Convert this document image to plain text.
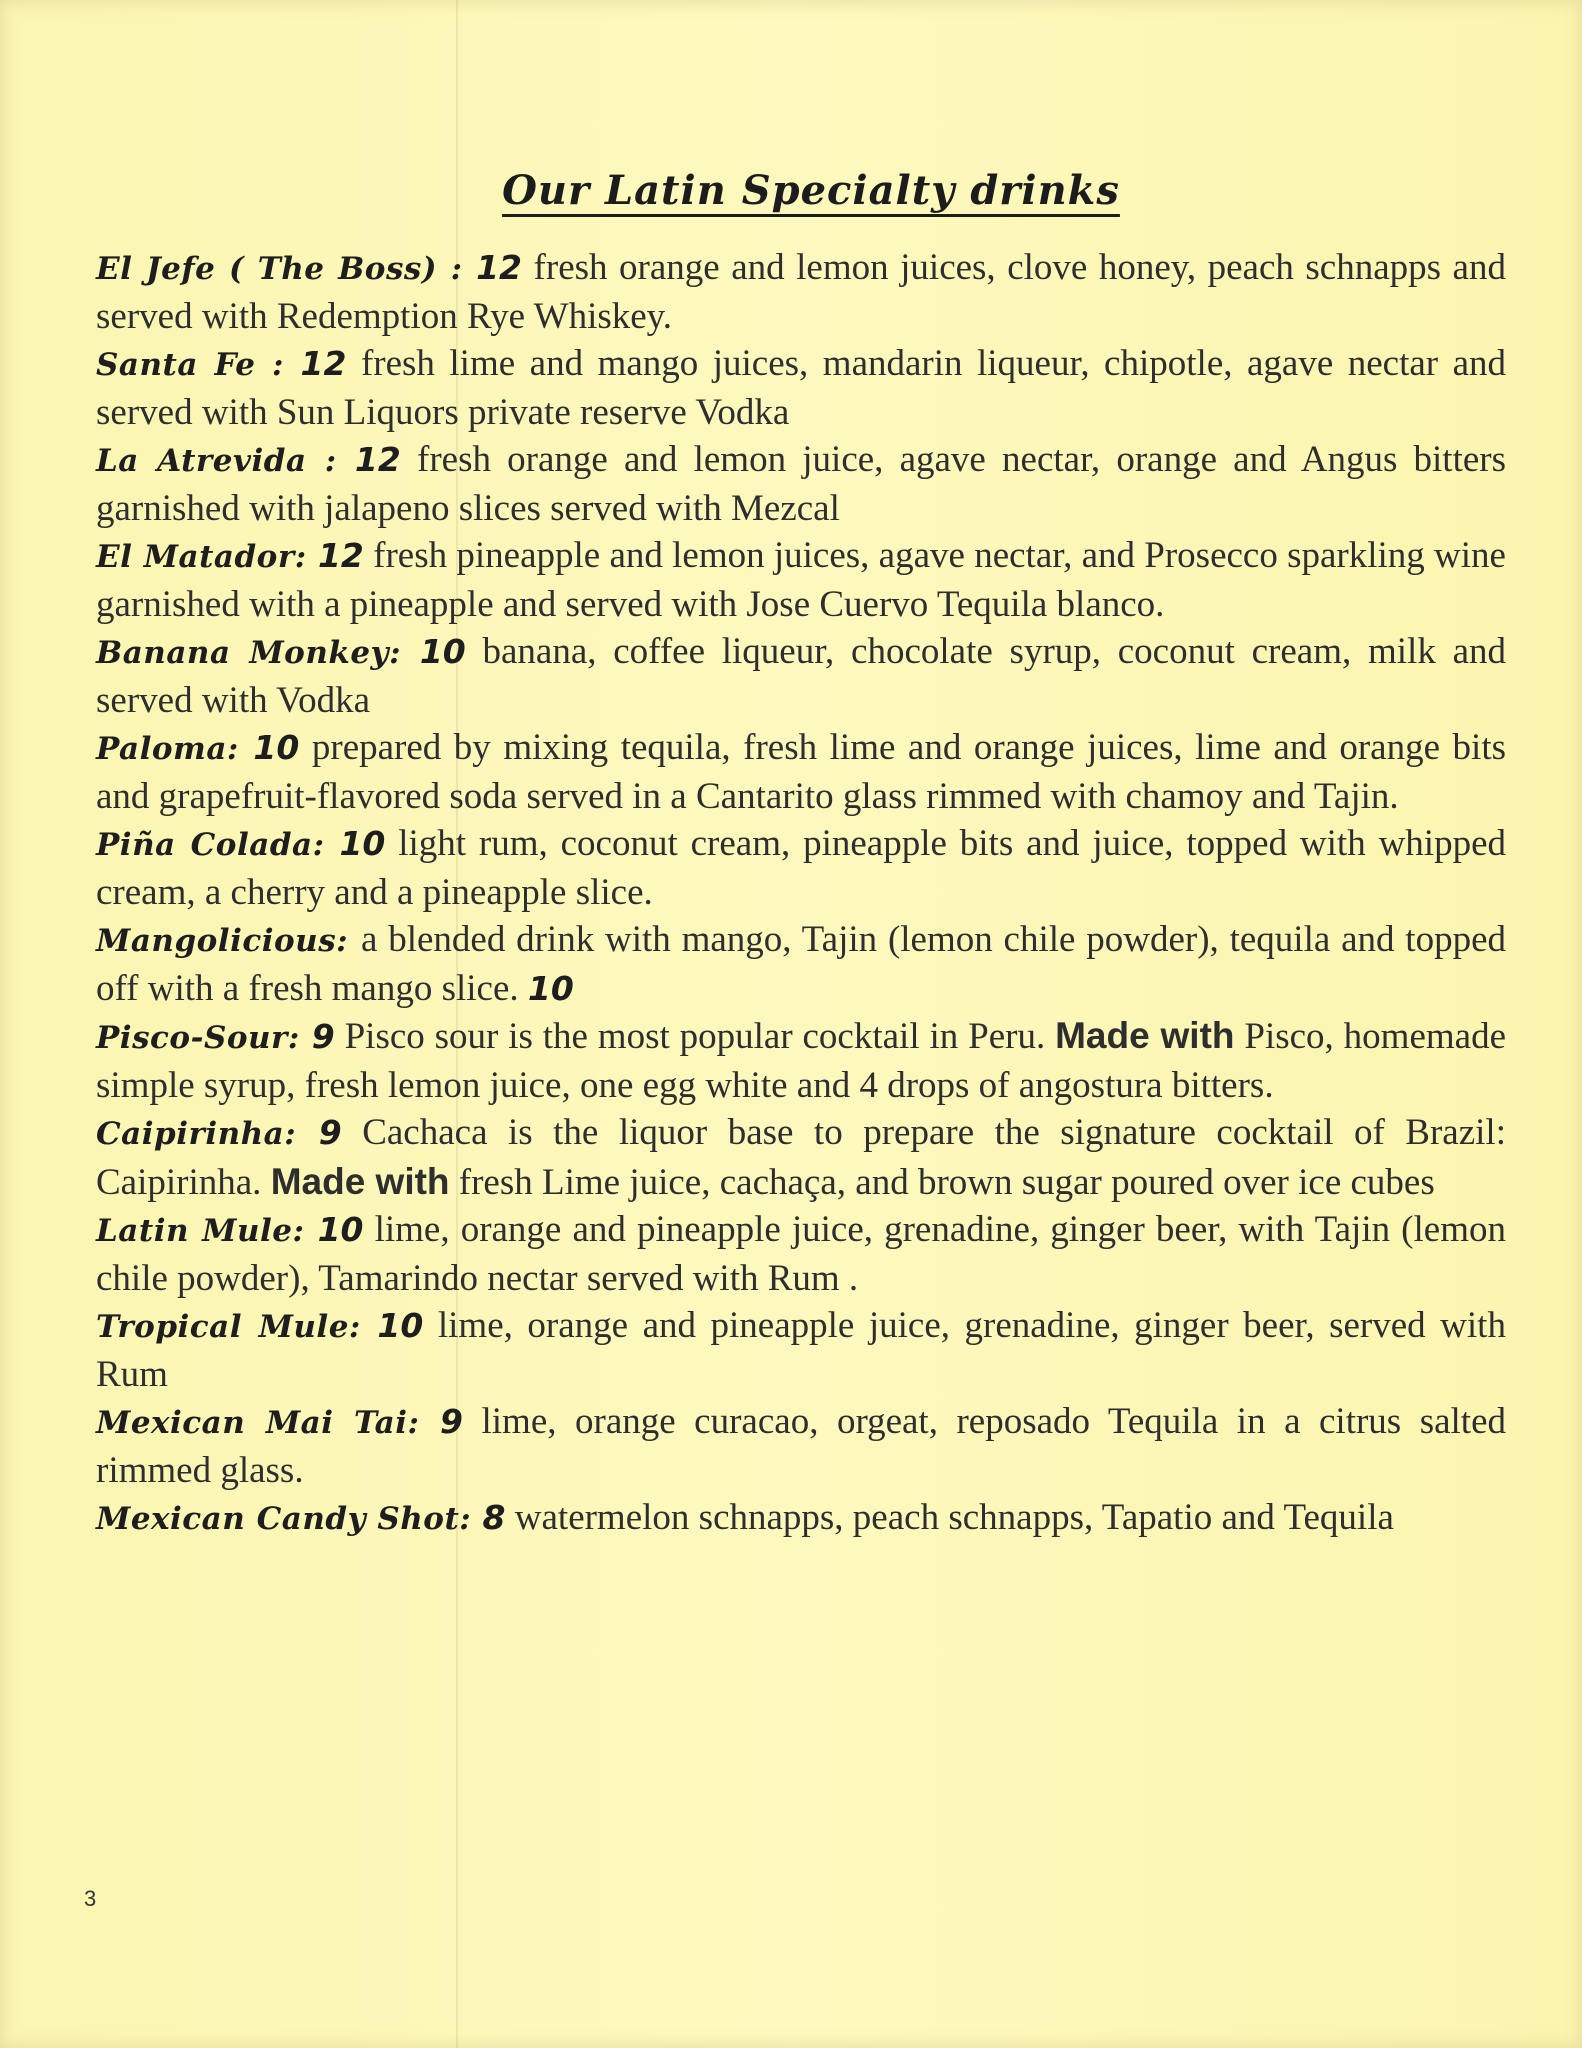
Our Latin Specialty drinks

El Jefe ( The Boss) : 12 fresh orange and lemon juices, clove honey, peach schnapps and served with Redemption Rye Whiskey.

Santa Fe : 12 fresh lime and mango juices, mandarin liqueur, chipotle, agave nectar and served with Sun Liquors private reserve Vodka

La Atrevida : 12 fresh orange and lemon juice, agave nectar, orange and Angus bitters garnished with jalapeno slices served with Mezcal

El Matador: 12 fresh pineapple and lemon juices, agave nectar, and Prosecco sparkling wine garnished with a pineapple and served with Jose Cuervo Tequila blanco.

Banana Monkey: 10 banana, coffee liqueur, chocolate syrup, coconut cream, milk and served with Vodka

Paloma: 10 prepared by mixing tequila, fresh lime and orange juices, lime and orange bits and grapefruit-flavored soda served in a Cantarito glass rimmed with chamoy and Tajin.

Piña Colada: 10 light rum, coconut cream, pineapple bits and juice, topped with whipped cream, a cherry and a pineapple slice.

Mangolicious: a blended drink with mango, Tajin (lemon chile powder), tequila and topped off with a fresh mango slice. 10

Pisco-Sour: 9 Pisco sour is the most popular cocktail in Peru. Made with Pisco, homemade simple syrup, fresh lemon juice, one egg white and 4 drops of angostura bitters.

Caipirinha: 9 Cachaca is the liquor base to prepare the signature cocktail of Brazil: Caipirinha. Made with fresh Lime juice, cachaça, and brown sugar poured over ice cubes

Latin Mule: 10 lime, orange and pineapple juice, grenadine, ginger beer, with Tajin (lemon chile powder), Tamarindo nectar served with Rum .

Tropical Mule: 10 lime, orange and pineapple juice, grenadine, ginger beer, served with Rum

Mexican Mai Tai: 9 lime, orange curacao, orgeat, reposado Tequila in a citrus salted rimmed glass.

Mexican Candy Shot: 8 watermelon schnapps, peach schnapps, Tapatio and Tequila

3
